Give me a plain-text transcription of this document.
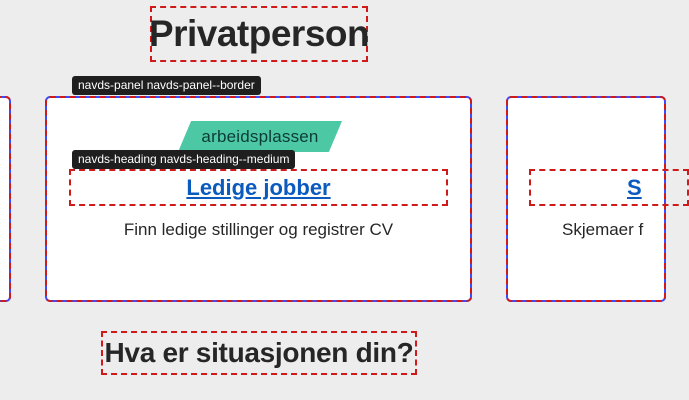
Privatperson
navds-panel navds-panel--border
arbeidsplassen
navds-heading navds-heading--medium
Ledige jobber	S
Finn ledige stillinger og registrer CV	Skjemaer f
Hva er situasjonen din?
